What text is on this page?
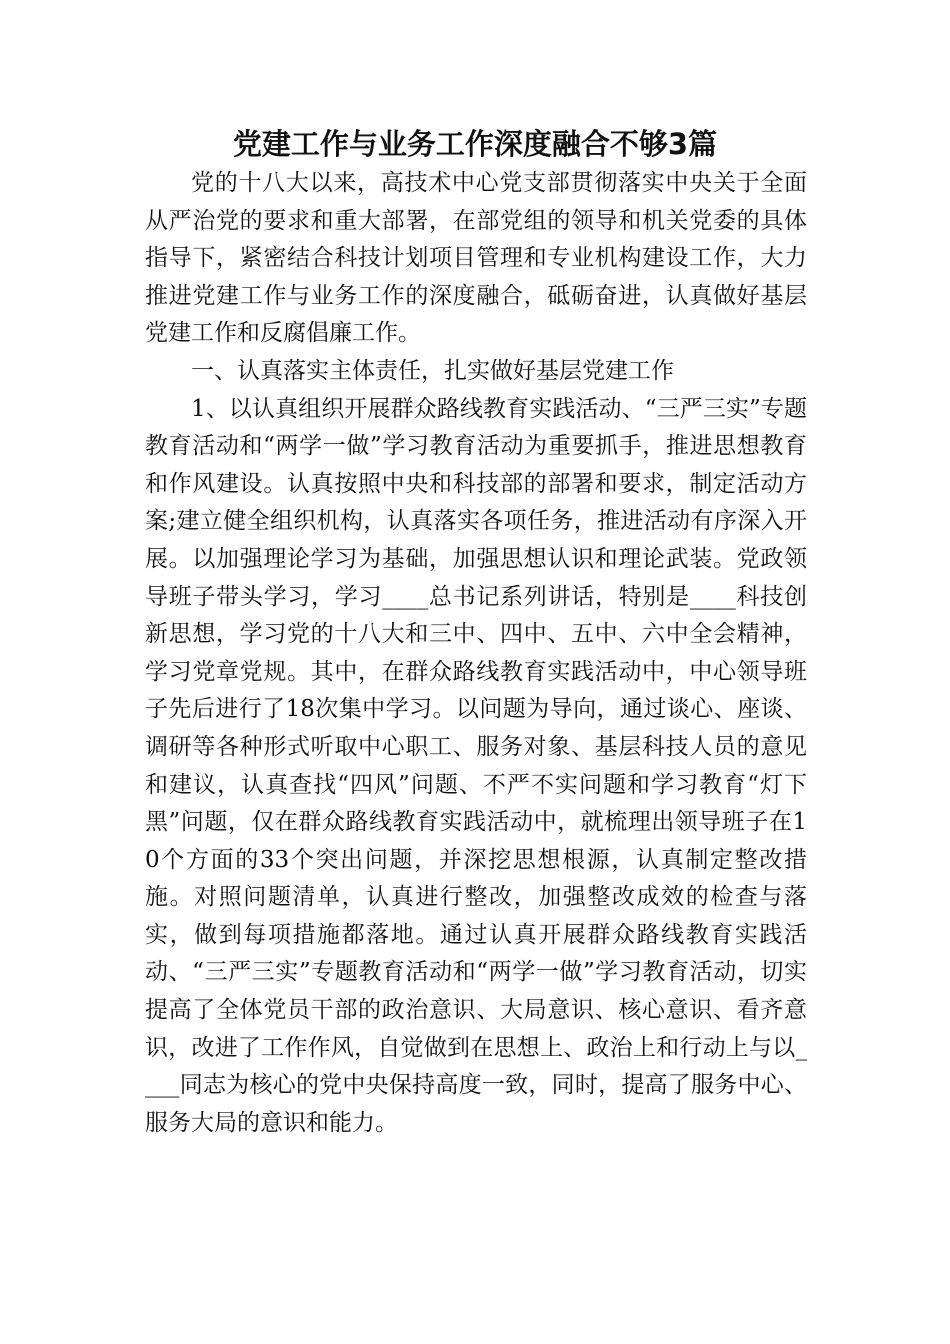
党建工作与业务工作深度融合不够3篇

党的十八大以来，高技术中心党支部贯彻落实中央关于全面从严治党的要求和重大部署，在部党组的领导和机关党委的具体指导下，紧密结合科技计划项目管理和专业机构建设工作，大力推进党建工作与业务工作的深度融合，砥砺奋进，认真做好基层党建工作和反腐倡廉工作。

一、认真落实主体责任，扎实做好基层党建工作

1、以认真组织开展群众路线教育实践活动、“三严三实”专题教育活动和“两学一做”学习教育活动为重要抓手，推进思想教育和作风建设。认真按照中央和科技部的部署和要求，制定活动方案;建立健全组织机构，认真落实各项任务，推进活动有序深入开展。以加强理论学习为基础，加强思想认识和理论武装。党政领导班子带头学习，学习____总书记系列讲话，特别是____科技创新思想，学习党的十八大和三中、四中、五中、六中全会精神，学习党章党规。其中，在群众路线教育实践活动中，中心领导班子先后进行了18次集中学习。以问题为导向，通过谈心、座谈、调研等各种形式听取中心职工、服务对象、基层科技人员的意见和建议，认真查找“四风”问题、不严不实问题和学习教育“灯下黑”问题，仅在群众路线教育实践活动中，就梳理出领导班子在10个方面的33个突出问题，并深挖思想根源，认真制定整改措施。对照问题清单，认真进行整改，加强整改成效的检查与落实，做到每项措施都落地。通过认真开展群众路线教育实践活动、“三严三实”专题教育活动和“两学一做”学习教育活动，切实提高了全体党员干部的政治意识、大局意识、核心意识、看齐意识，改进了工作作风，自觉做到在思想上、政治上和行动上与以____同志为核心的党中央保持高度一致，同时，提高了服务中心、服务大局的意识和能力。
